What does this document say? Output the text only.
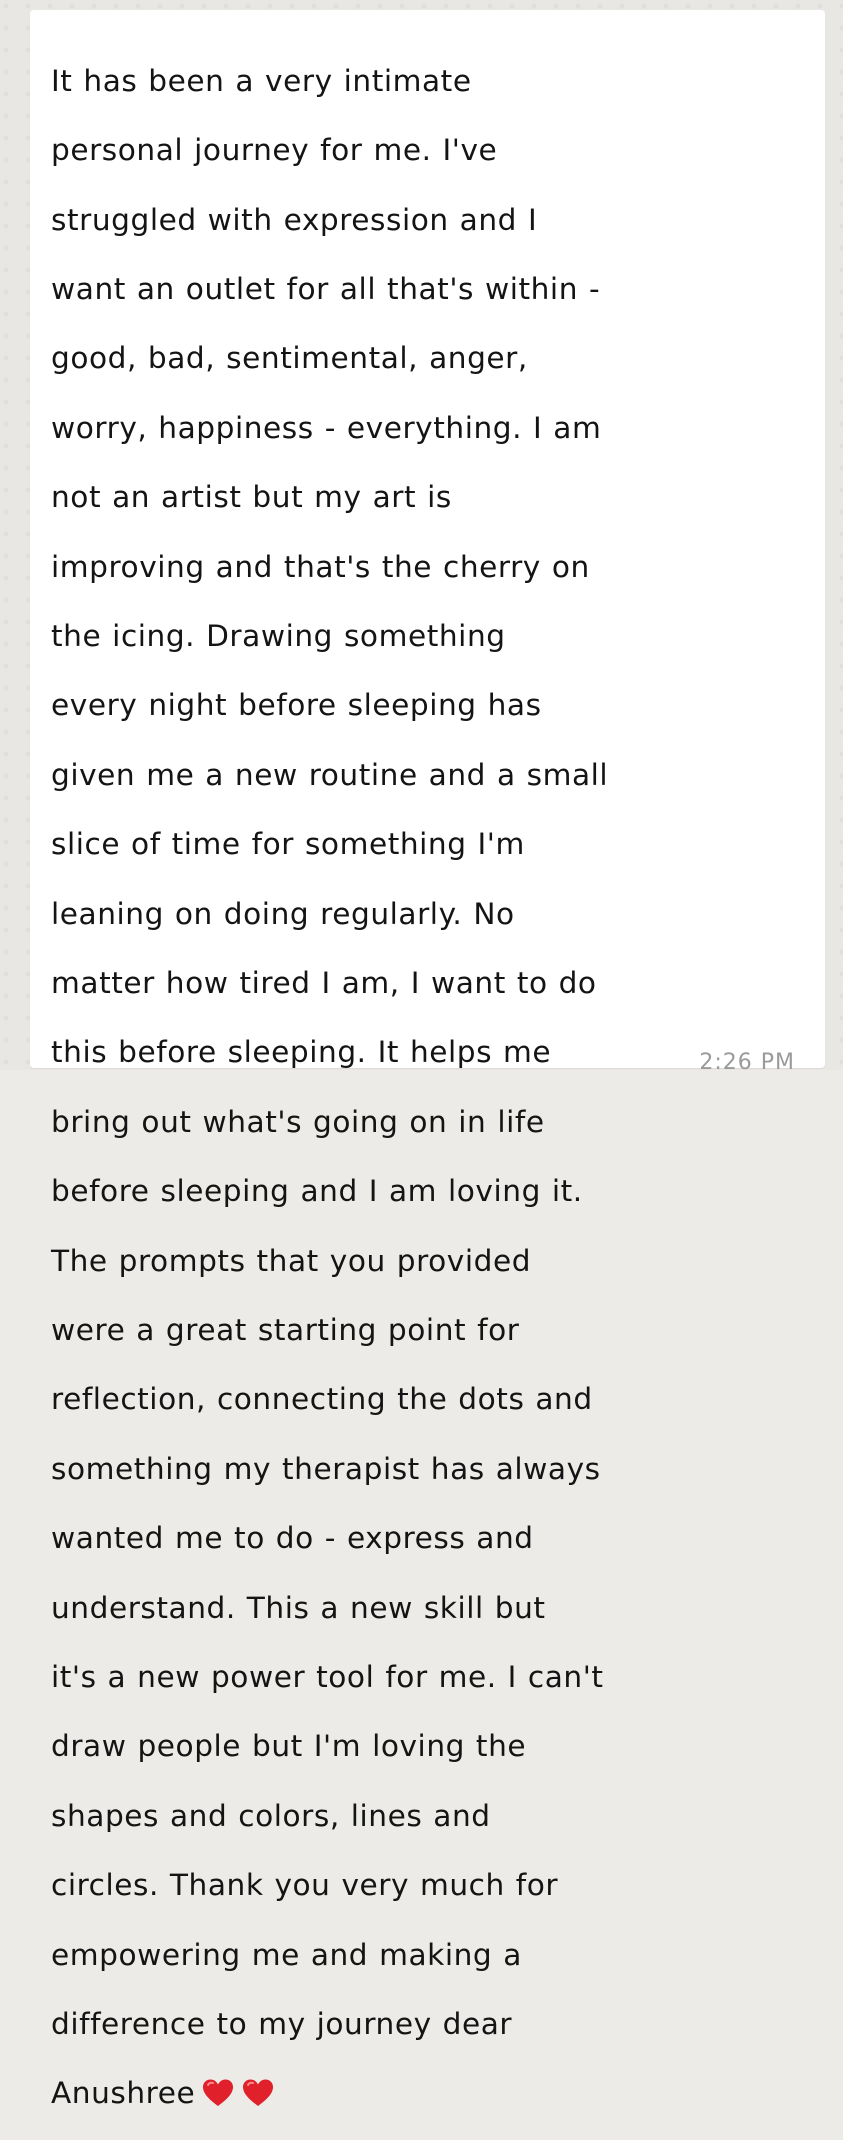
It has been a very intimate

personal journey for me. I've

struggled with expression and I

want an outlet for all that's within -

good, bad, sentimental, anger,

worry, happiness - everything. I am

not an artist but my art is

improving and that's the cherry on

the icing. Drawing something

every night before sleeping has

given me a new routine and a small

slice of time for something I'm

leaning on doing regularly. No

matter how tired I am, I want to do

this before sleeping. It helps me

bring out what's going on in life

before sleeping and I am loving it.

The prompts that you provided

were a great starting point for

reflection, connecting the dots and

something my therapist has always

wanted me to do - express and

understand. This a new skill but

it's a new power tool for me. I can't

draw people but I'm loving the

shapes and colors, lines and

circles. Thank you very much for

empowering me and making a

difference to my journey dear

Anushree

2:26 PM
